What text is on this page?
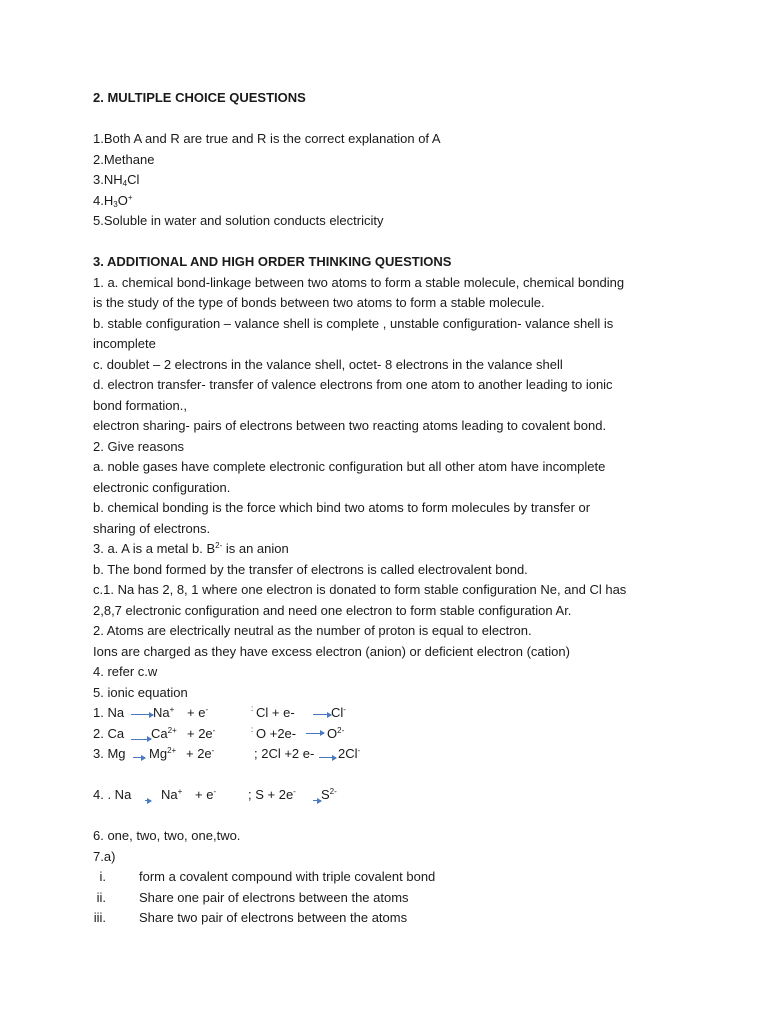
2. MULTIPLE CHOICE QUESTIONS
1.Both A and R are true and R is the correct explanation of A
2.Methane
$3.NH_4Cl$
$4.H_3O^+$
5.Soluble in water and solution conducts electricity
3. ADDITIONAL AND HIGH ORDER THINKING QUESTIONS
1. a. chemical bond-linkage between two atoms to form a stable molecule, chemical bonding
is the study of the type of bonds between two atoms to form a stable molecule.
b. stable configuration – valance shell is complete , unstable configuration- valance shell is
incomplete
c. doublet – 2 electrons in the valance shell, octet- 8 electrons in the valance shell
d. electron transfer- transfer of valence electrons from one atom to another leading to ionic
bond formation.,
electron sharing- pairs of electrons between two reacting atoms leading to covalent bond.
2. Give reasons
a. noble gases have complete electronic configuration but all other atom have incomplete
electronic configuration.
b. chemical bonding is the force which bind two atoms to form molecules by transfer or
sharing of electrons.
3. a. A is a metal b. $B^{2-}$ is an anion
b. The bond formed by the transfer of electrons is called electrovalent bond.
c.1. Na has 2, 8, 1 where one electron is donated to form stable configuration Ne, and Cl has
2,8,7 electronic configuration and need one electron to form stable configuration Ar.
2. Atoms are electrically neutral as the number of proton is equal to electron.
Ions are charged as they have excess electron (anion) or deficient electron (cation)
4. refer c.w
5. ionic equation
1. Na Na+ + e-	: Cl + e-	Cl-
2. Ca $Ca^{2+} + 2e^-$	: O +2e- $O^{2-}$
3. Mg $Mg^{2+} + 2e^-$	; 2Cl +2 e- 2Cl-
4. . Na Na+ + e- ; S + 2e- $S^{2-}$
6. one, two, two, one,two.
7.a)
i.	form a covalent compound with triple covalent bond
ii.	Share one pair of electrons between the atoms
iii.	Share two pair of electrons between the atoms
